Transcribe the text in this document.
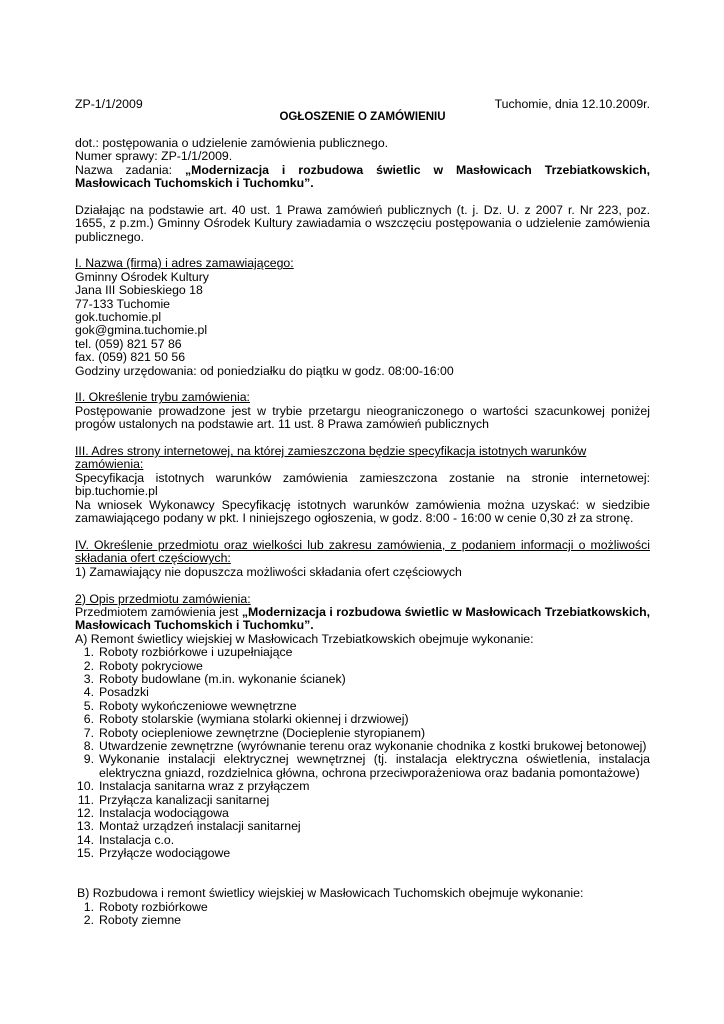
ZP-1/1/2009	Tuchomie, dnia 12.10.2009r.

OGŁOSZENIE O ZAMÓWIENIU

dot.: postępowania o udzielenie zamówienia publicznego.

Numer sprawy: ZP-1/1/2009.

Nazwa zadania: „Modernizacja i rozbudowa świetlic w Masłowicach Trzebiatkowskich, Masłowicach Tuchomskich i Tuchomku”.

Działając na podstawie art. 40 ust. 1 Prawa zamówień publicznych (t. j. Dz. U. z 2007 r. Nr 223, poz. 1655, z p.zm.) Gminny Ośrodek Kultury zawiadamia o wszczęciu postępowania o udzielenie zamówienia publicznego.

I. Nazwa (firma) i adres zamawiającego:

Gminny Ośrodek Kultury

Jana III Sobieskiego 18

77-133 Tuchomie

gok.tuchomie.pl

gok@gmina.tuchomie.pl

tel. (059) 821 57 86

fax. (059) 821 50 56

Godziny urzędowania: od poniedziałku do piątku w godz. 08:00-16:00

II. Określenie trybu zamówienia:

Postępowanie prowadzone jest w trybie przetargu nieograniczonego o wartości szacunkowej poniżej progów ustalonych na podstawie art. 11 ust. 8 Prawa zamówień publicznych

III. Adres strony internetowej, na której zamieszczona będzie specyfikacja istotnych warunków zamówienia:

Specyfikacja istotnych warunków zamówienia zamieszczona zostanie na stronie internetowej: bip.tuchomie.pl

Na wniosek Wykonawcy Specyfikację istotnych warunków zamówienia można uzyskać: w siedzibie zamawiającego podany w pkt. I niniejszego ogłoszenia, w godz. 8:00 - 16:00 w cenie 0,30 zł za stronę.

IV. Określenie przedmiotu oraz wielkości lub zakresu zamówienia, z podaniem informacji o możliwości składania ofert częściowych:

1) Zamawiający nie dopuszcza możliwości składania ofert częściowych

2) Opis przedmiotu zamówienia:

Przedmiotem zamówienia jest „Modernizacja i rozbudowa świetlic w Masłowicach Trzebiatkowskich, Masłowicach Tuchomskich i Tuchomku”.

A) Remont świetlicy wiejskiej w Masłowicach Trzebiatkowskich obejmuje wykonanie:

1. Roboty rozbiórkowe i uzupełniające
2. Roboty pokryciowe
3. Roboty budowlane (m.in. wykonanie ścianek)
4. Posadzki
5. Roboty wykończeniowe wewnętrzne
6. Roboty stolarskie (wymiana stolarki okiennej i drzwiowej)
7. Roboty ociepleniowe zewnętrzne (Docieplenie styropianem)
8. Utwardzenie zewnętrzne (wyrównanie terenu oraz wykonanie chodnika z kostki brukowej betonowej)
9. Wykonanie instalacji elektrycznej wewnętrznej (tj. instalacja elektryczna oświetlenia, instalacja elektryczna gniazd, rozdzielnica główna, ochrona przeciwporażeniowa oraz badania pomontażowe)
10. Instalacja sanitarna wraz z przyłączem
11. Przyłącza kanalizacji sanitarnej
12. Instalacja wodociągowa
13. Montaż urządzeń instalacji sanitarnej
14. Instalacja c.o.
15. Przyłącze wodociągowe

B) Rozbudowa i remont świetlicy wiejskiej w Masłowicach Tuchomskich obejmuje wykonanie:

1. Roboty rozbiórkowe
2. Roboty ziemne
